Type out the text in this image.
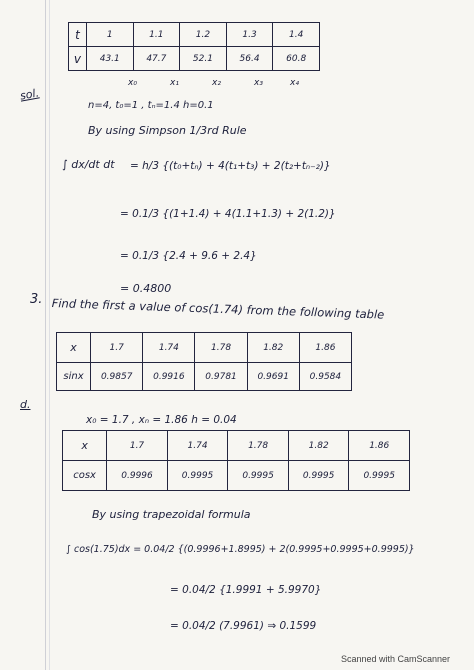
t	1	1.1	1.2	1.3	1.4
v	43.1	47.7	52.1	56.4	60.8
x₀	x₁	x₂	x₃	x₄
sol.
n=4, t₀=1 , tₙ=1.4 h=0.1
By using Simpson 1/3rd Rule
∫ dx/dt dt = h/3 {(t₀+tₙ) + 4(t₁+t₃) + 2(t₂+tₙ₋₂)}
= 0.1/3 {(1+1.4) + 4(1.1+1.3) + 2(1.2)}
= 0.1/3 {2.4 + 9.6 + 2.4}
= 0.4800
3. Find the first a value of cos(1.74) from the following table
x	1.7	1.74	1.78	1.82	1.86
sinx	0.9857	0.9916	0.9781	0.9691	0.9584
d.
x₀ = 1.7 , xₙ = 1.86 h = 0.04
x	1.7	1.74	1.78	1.82	1.86
cosx	0.9996	0.9995	0.9995	0.9995	0.9995
By using trapezoidal formula
∫ cos(1.75)dx = 0.04/2 {(0.9996+1.8995) + 2(0.9995+0.9995+0.9995)}
= 0.04/2 {1.9991 + 5.9970}
= 0.04/2 (7.9961) ⇒ 0.1599
Scanned with CamScanner
